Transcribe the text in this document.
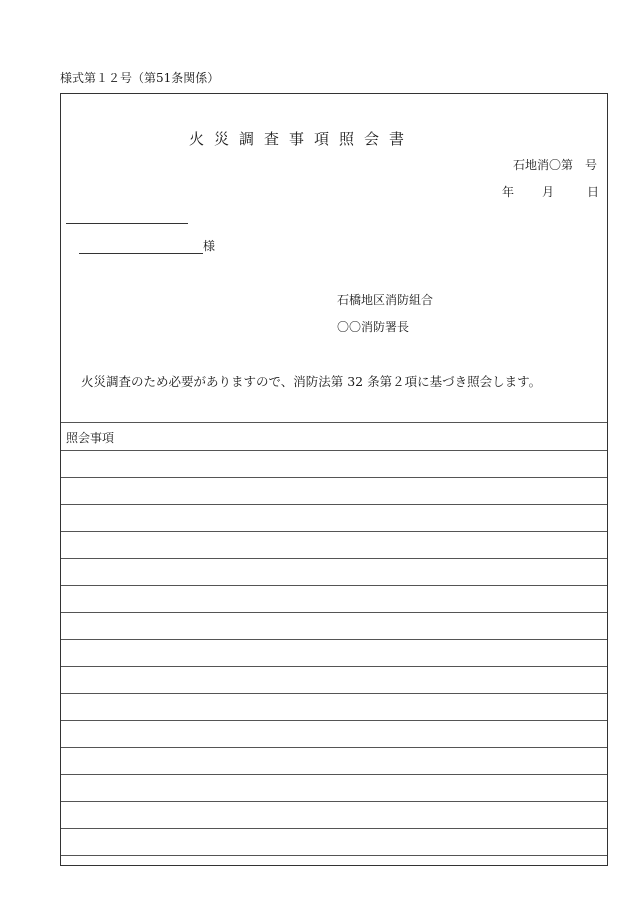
様式第１２号（第51条関係）
火災調査事項照会書
石地消〇第　号
年	月	日
様
石橋地区消防組合
〇〇消防署長
火災調査のため必要がありますので、消防法第 32 条第２項に基づき照会します。
照会事項
